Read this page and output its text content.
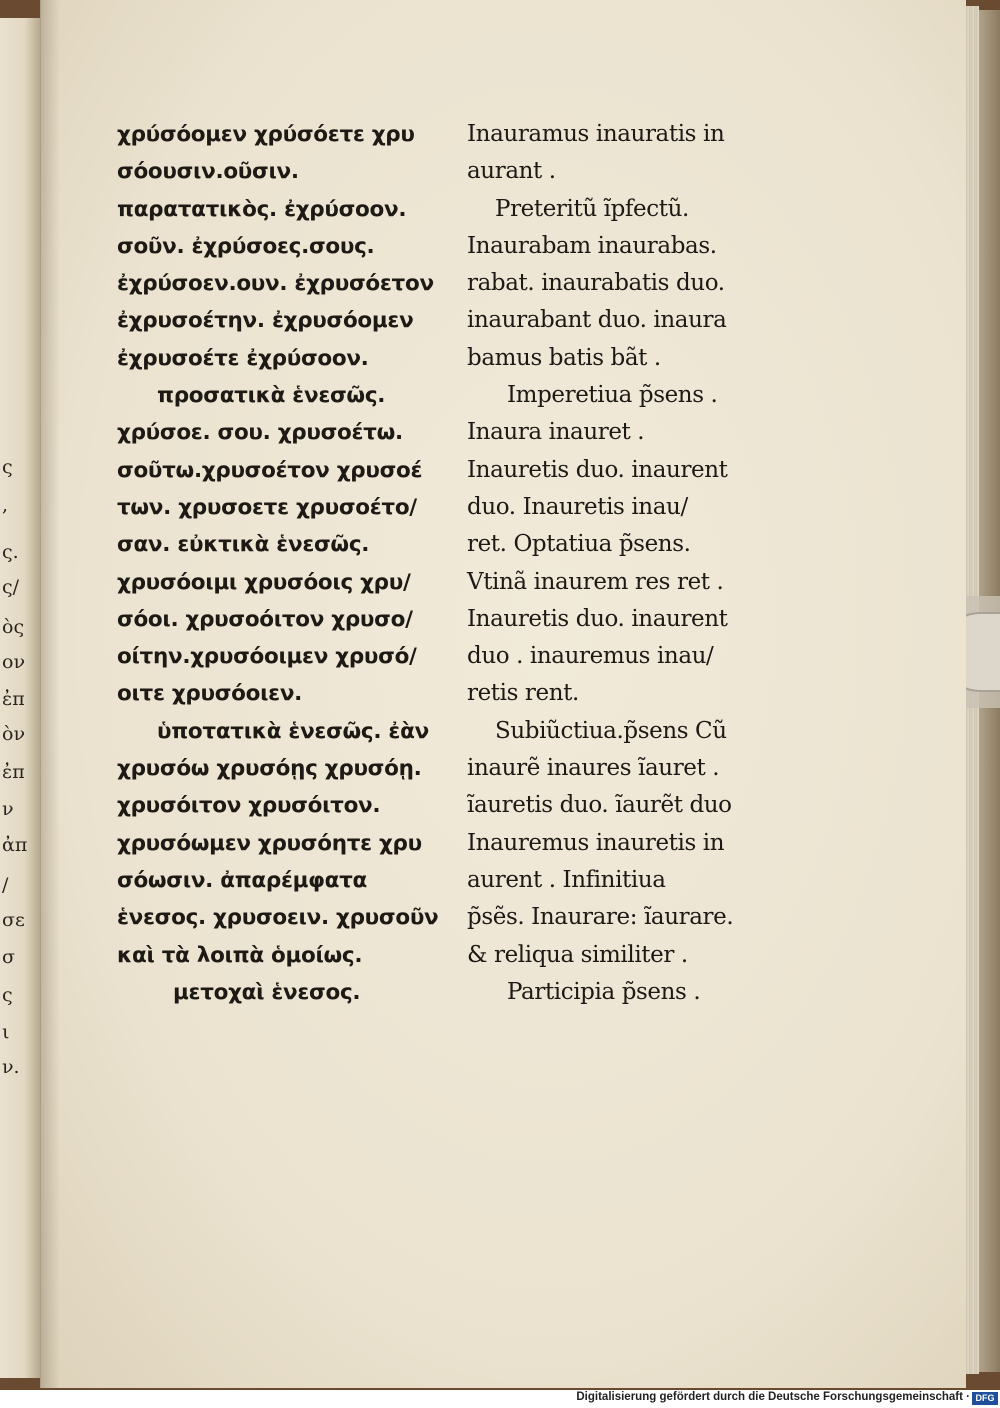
ς
,
ς.
ς/
ὸς
ον
ἐπ
ὸν
ἐπ
ν
ἀπ
/
σε
σ
ς
ι
ν.
χρύσόομεν χρύσόετε χρυ
σόουσιν.οῦσιν.
παρατατικὸς. ἐχρύσοον.
σοῦν. ἐχρύσοες.σους.
ἐχρύσοεν.ουν. ἐχρυσόετον
ἐχρυσοέτην. ἐχρυσόομεν
ἐχρυσοέτε ἐχρύσοον.
προσατικὰ ἑνεσῶς.
χρύσοε. σου. χρυσοέτω.
σοῦτω.χρυσοέτον χρυσοέ
των. χρυσοετε χρυσοέτο/
σαν. εὐκτικὰ ἑνεσῶς.
χρυσόοιμι χρυσόοις χρυ/
σόοι. χρυσοόιτον χρυσο/
οίτην.χρυσόοιμεν χρυσό/
οιτε χρυσόοιεν.
ὑποτατικὰ ἑνεσῶς. ἐὰν
χρυσόω χρυσόῃς χρυσόῃ.
χρυσόιτον χρυσόιτον.
χρυσόωμεν χρυσόητε χρυ
σόωσιν. ἀπαρέμφατα
ἑνεσος. χρυσοειν. χρυσοῦν
καὶ τὰ λοιπὰ ὁμοίως.
μετοχαὶ ἑνεσος.
Inauramus inauratis in
aurant .
Preteritũ ĩpfectũ.
Inaurabam inaurabas.
rabat. inaurabatis duo.
inaurabant duo. inaura
bamus batis bãt .
Imperetiua p̃sens .
Inaura inauret .
Inauretis duo. inaurent
duo. Inauretis inau/
ret. Optatiua p̃sens.
Vtinã inaurem res ret .
Inauretis duo. inaurent
duo . inauremus inau/
retis rent.
Subiũctiua.p̃sens Cũ
inaurẽ inaures ĩauret .
ĩauretis duo. ĩaurẽt duo
Inauremus inauretis in
aurent . Infinitiua
p̃sẽs. Inaurare: ĩaurare.
& reliqua similiter .
Participia p̃sens .
Digitalisierung gefördert durch die Deutsche Forschungsgemeinschaft · DFG
